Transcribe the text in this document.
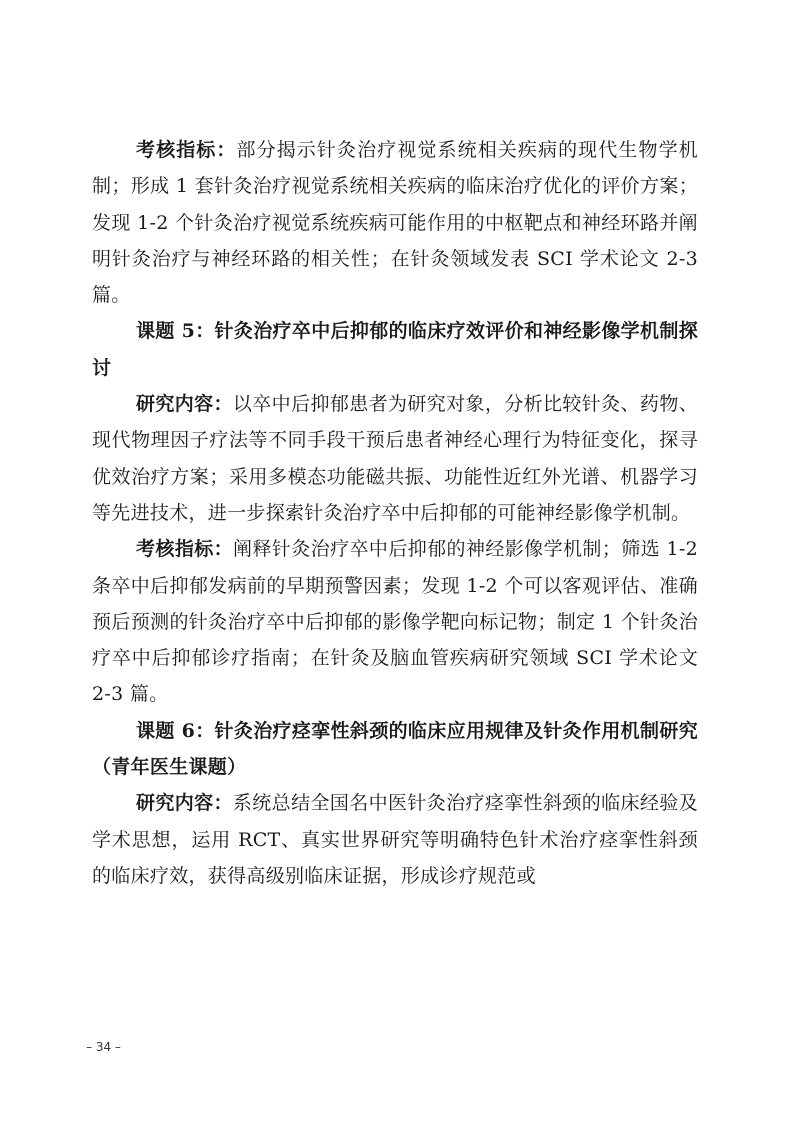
考核指标：部分揭示针灸治疗视觉系统相关疾病的现代生物学机制；形成 1 套针灸治疗视觉系统相关疾病的临床治疗优化的评价方案；发现 1-2 个针灸治疗视觉系统疾病可能作用的中枢靶点和神经环路并阐明针灸治疗与神经环路的相关性；在针灸领域发表 SCI 学术论文 2-3 篇。

课题 5：针灸治疗卒中后抑郁的临床疗效评价和神经影像学机制探讨

研究内容：以卒中后抑郁患者为研究对象，分析比较针灸、药物、现代物理因子疗法等不同手段干预后患者神经心理行为特征变化，探寻优效治疗方案；采用多模态功能磁共振、功能性近红外光谱、机器学习等先进技术，进一步探索针灸治疗卒中后抑郁的可能神经影像学机制。

考核指标：阐释针灸治疗卒中后抑郁的神经影像学机制；筛选 1-2 条卒中后抑郁发病前的早期预警因素；发现 1-2 个可以客观评估、准确预后预测的针灸治疗卒中后抑郁的影像学靶向标记物；制定 1 个针灸治疗卒中后抑郁诊疗指南；在针灸及脑血管疾病研究领域 SCI 学术论文 2-3 篇。

课题 6：针灸治疗痉挛性斜颈的临床应用规律及针灸作用机制研究（青年医生课题）

研究内容：系统总结全国名中医针灸治疗痉挛性斜颈的临床经验及学术思想，运用 RCT、真实世界研究等明确特色针术治疗痉挛性斜颈的临床疗效，获得高级别临床证据，形成诊疗规范或

– 34 –
